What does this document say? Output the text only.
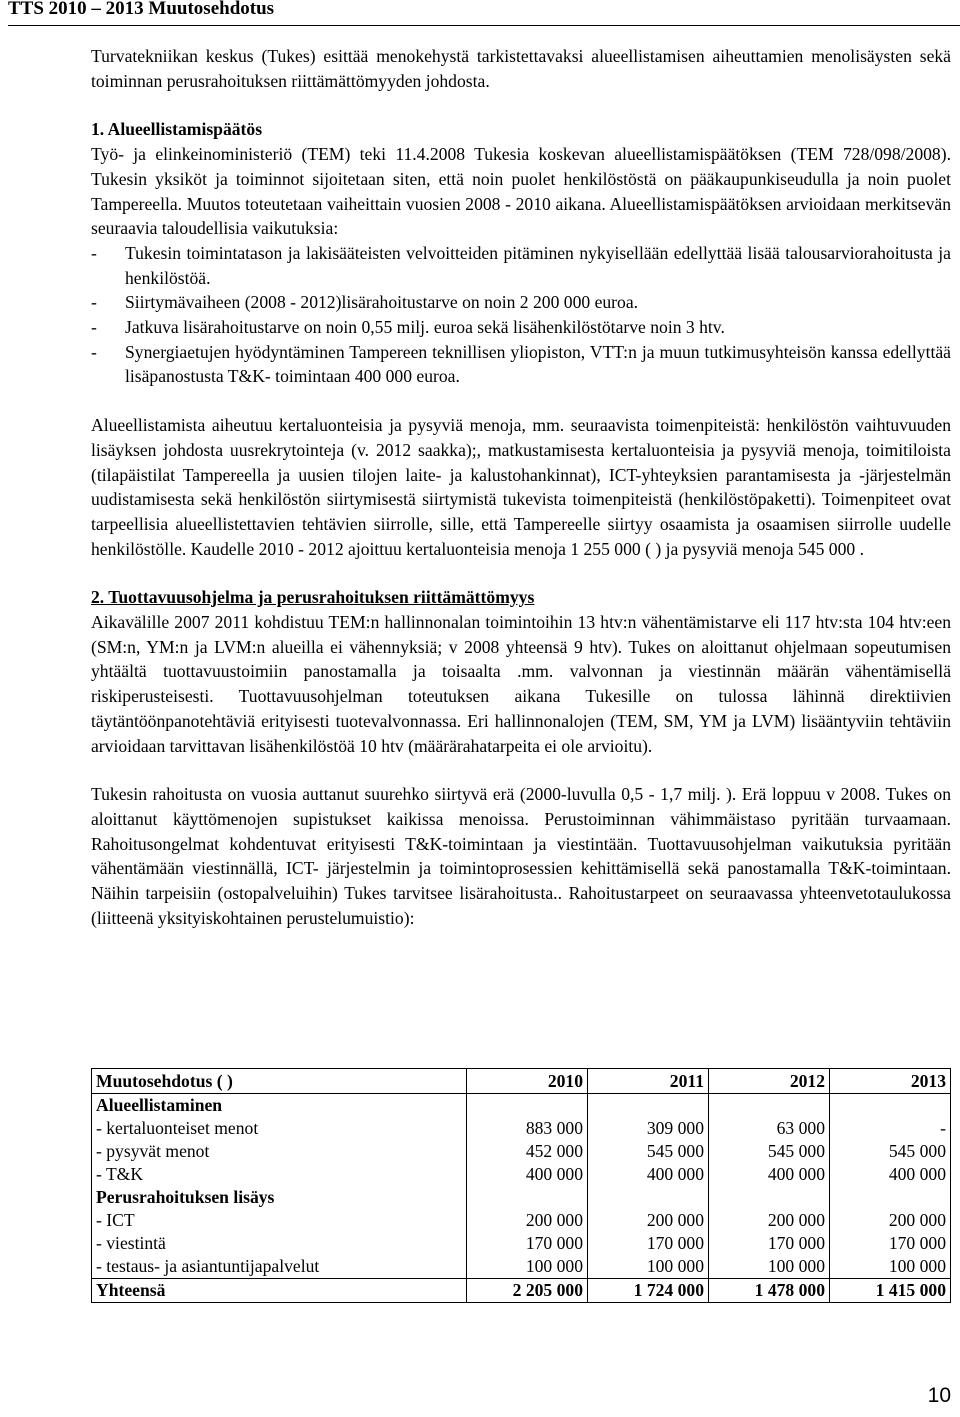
TTS 2010 – 2013 Muutosehdotus

Turvatekniikan keskus (Tukes) esittää menokehystä tarkistettavaksi alueellistamisen aiheuttamien menolisäysten sekä toiminnan perusrahoituksen riittämättömyyden johdosta.

1. Alueellistamispäätös

Työ- ja elinkeinoministeriö (TEM) teki 11.4.2008 Tukesia koskevan alueellistamispäätöksen (TEM 728/098/2008). Tukesin yksiköt ja toiminnot sijoitetaan siten, että noin puolet henkilöstöstä on pääkaupunkiseudulla ja noin puolet Tampereella. Muutos toteutetaan vaiheittain vuosien 2008 - 2010 aikana. Alueellistamispäätöksen arvioidaan merkitsevän seuraavia taloudellisia vaikutuksia:

- Tukesin toimintatason ja lakisääteisten velvoitteiden pitäminen nykyisellään edellyttää lisää talousarviorahoitusta ja henkilöstöä.
- Siirtymävaiheen (2008 - 2012)lisärahoitustarve on noin 2 200 000 euroa.
- Jatkuva lisärahoitustarve on noin 0,55 milj. euroa sekä lisähenkilöstötarve noin 3 htv.
- Synergiaetujen hyödyntäminen Tampereen teknillisen yliopiston, VTT:n ja muun tutkimusyhteisön kanssa edellyttää lisäpanostusta T&K- toimintaan 400 000 euroa.

Alueellistamista aiheutuu kertaluonteisia ja pysyviä menoja, mm. seuraavista toimenpiteistä: henkilöstön vaihtuvuuden lisäyksen johdosta uusrekrytointeja (v. 2012 saakka);, matkustamisesta kertaluonteisia ja pysyviä menoja, toimitiloista (tilapäistilat Tampereella ja uusien tilojen laite- ja kalustohankinnat), ICT-yhteyksien parantamisesta ja -järjestelmän uudistamisesta sekä henkilöstön siirtymisestä siirtymistä tukevista toimenpiteistä (henkilöstöpaketti). Toimenpiteet ovat tarpeellisia alueellistettavien tehtävien siirrolle, sille, että Tampereelle siirtyy osaamista ja osaamisen siirrolle uudelle henkilöstölle. Kaudelle 2010 - 2012 ajoittuu kertaluonteisia menoja 1 255 000 ( ) ja pysyviä menoja 545 000 .

2. Tuottavuusohjelma ja perusrahoituksen riittämättömyys

Aikavälille 2007 2011 kohdistuu TEM:n hallinnonalan toimintoihin 13 htv:n vähentämistarve eli 117 htv:sta 104 htv:een (SM:n, YM:n ja LVM:n alueilla ei vähennyksiä; v 2008 yhteensä 9 htv). Tukes on aloittanut ohjelmaan sopeutumisen yhtäältä tuottavuustoimiin panostamalla ja toisaalta .mm. valvonnan ja viestinnän määrän vähentämisellä riskiperusteisesti. Tuottavuusohjelman toteutuksen aikana Tukesille on tulossa lähinnä direktiivien täytäntöönpanotehtäviä erityisesti tuotevalvonnassa. Eri hallinnonalojen (TEM, SM, YM ja LVM) lisääntyviin tehtäviin arvioidaan tarvittavan lisähenkilöstöä 10 htv (määrärahatarpeita ei ole arvioitu).

Tukesin rahoitusta on vuosia auttanut suurehko siirtyvä erä (2000-luvulla 0,5 - 1,7 milj. ). Erä loppuu v 2008. Tukes on aloittanut käyttömenojen supistukset kaikissa menoissa. Perustoiminnan vähimmäistaso pyritään turvaamaan. Rahoitusongelmat kohdentuvat erityisesti T&K-toimintaan ja viestintään. Tuottavuusohjelman vaikutuksia pyritään vähentämään viestinnällä, ICT- järjestelmin ja toimintoprosessien kehittämisellä sekä panostamalla T&K-toimintaan. Näihin tarpeisiin (ostopalveluihin) Tukes tarvitsee lisärahoitusta.. Rahoitustarpeet on seuraavassa yhteenvetotaulukossa (liitteenä yksityiskohtainen perustelumuistio):

Muutosehdotus ( )	2010	2011	2012	2013
Alueellistaminen				
- kertaluonteiset menot	883 000	309 000	63 000	-
- pysyvät menot	452 000	545 000	545 000	545 000
- T&K	400 000	400 000	400 000	400 000
Perusrahoituksen lisäys				
- ICT	200 000	200 000	200 000	200 000
- viestintä	170 000	170 000	170 000	170 000
- testaus- ja asiantuntijapalvelut	100 000	100 000	100 000	100 000
Yhteensä	2 205 000	1 724 000	1 478 000	1 415 000
10
